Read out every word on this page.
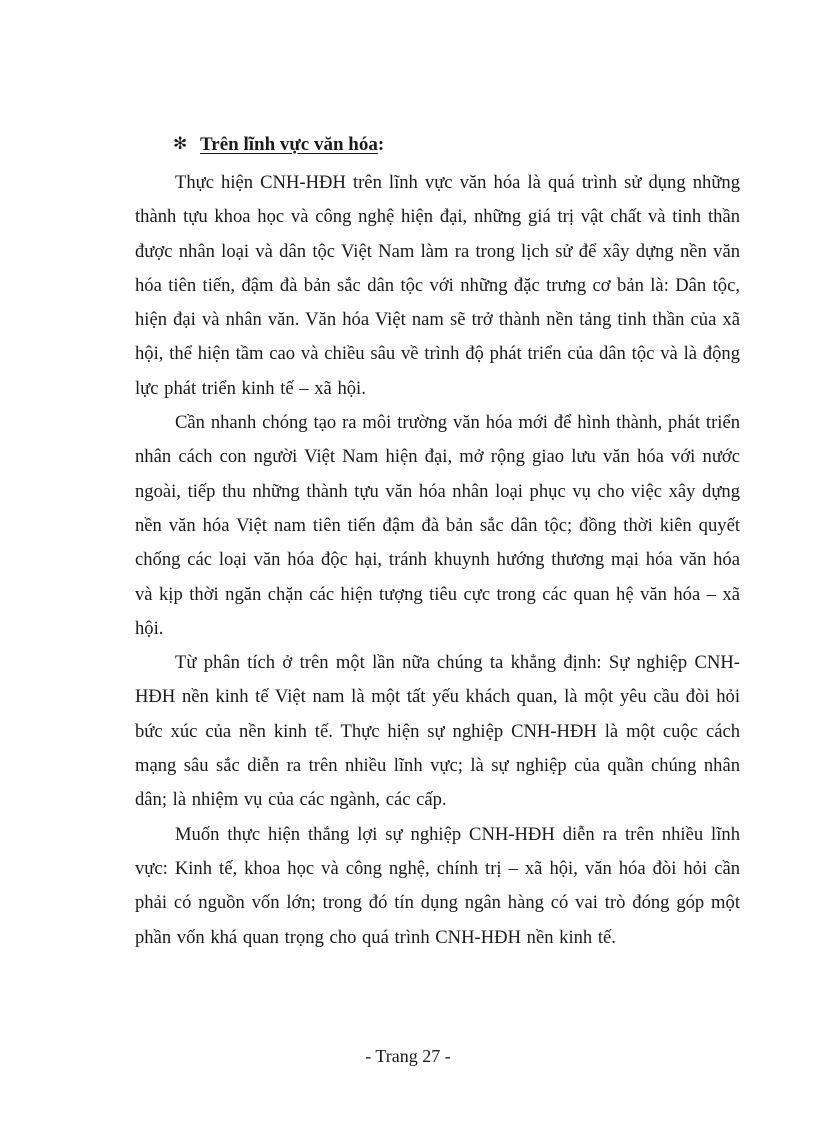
✻ Trên lĩnh vực văn hóa:

Thực hiện CNH-HĐH trên lĩnh vực văn hóa là quá trình sử dụng những thành tựu khoa học và công nghệ hiện đại, những giá trị vật chất và tinh thần được nhân loại và dân tộc Việt Nam làm ra trong lịch sử để xây dựng nền văn hóa tiên tiến, đậm đà bản sắc dân tộc với những đặc trưng cơ bản là: Dân tộc, hiện đại và nhân văn. Văn hóa Việt nam sẽ trở thành nền tảng tinh thần của xã hội, thể hiện tầm cao và chiều sâu về trình độ phát triển của dân tộc và là động lực phát triển kinh tế – xã hội.

Cần nhanh chóng tạo ra môi trường văn hóa mới để hình thành, phát triển nhân cách con người Việt Nam hiện đại, mở rộng giao lưu văn hóa với nước ngoài, tiếp thu những thành tựu văn hóa nhân loại phục vụ cho việc xây dựng nền văn hóa Việt nam tiên tiến đậm đà bản sắc dân tộc; đồng thời kiên quyết chống các loại văn hóa độc hại, tránh khuynh hướng thương mại hóa văn hóa và kịp thời ngăn chặn các hiện tượng tiêu cực trong các quan hệ văn hóa – xã hội.

Từ phân tích ở trên một lần nữa chúng ta khẳng định: Sự nghiệp CNH-HĐH nền kinh tế Việt nam là một tất yếu khách quan, là một yêu cầu đòi hỏi bức xúc của nền kinh tế. Thực hiện sự nghiệp CNH-HĐH là một cuộc cách mạng sâu sắc diễn ra trên nhiều lĩnh vực; là sự nghiệp của quần chúng nhân dân; là nhiệm vụ của các ngành, các cấp.

Muốn thực hiện thắng lợi sự nghiệp CNH-HĐH diễn ra trên nhiều lĩnh vực: Kinh tế, khoa học và công nghệ, chính trị – xã hội, văn hóa đòi hỏi cần phải có nguồn vốn lớn; trong đó tín dụng ngân hàng có vai trò đóng góp một phần vốn khá quan trọng cho quá trình CNH-HĐH nền kinh tế.

- Trang 27 -
